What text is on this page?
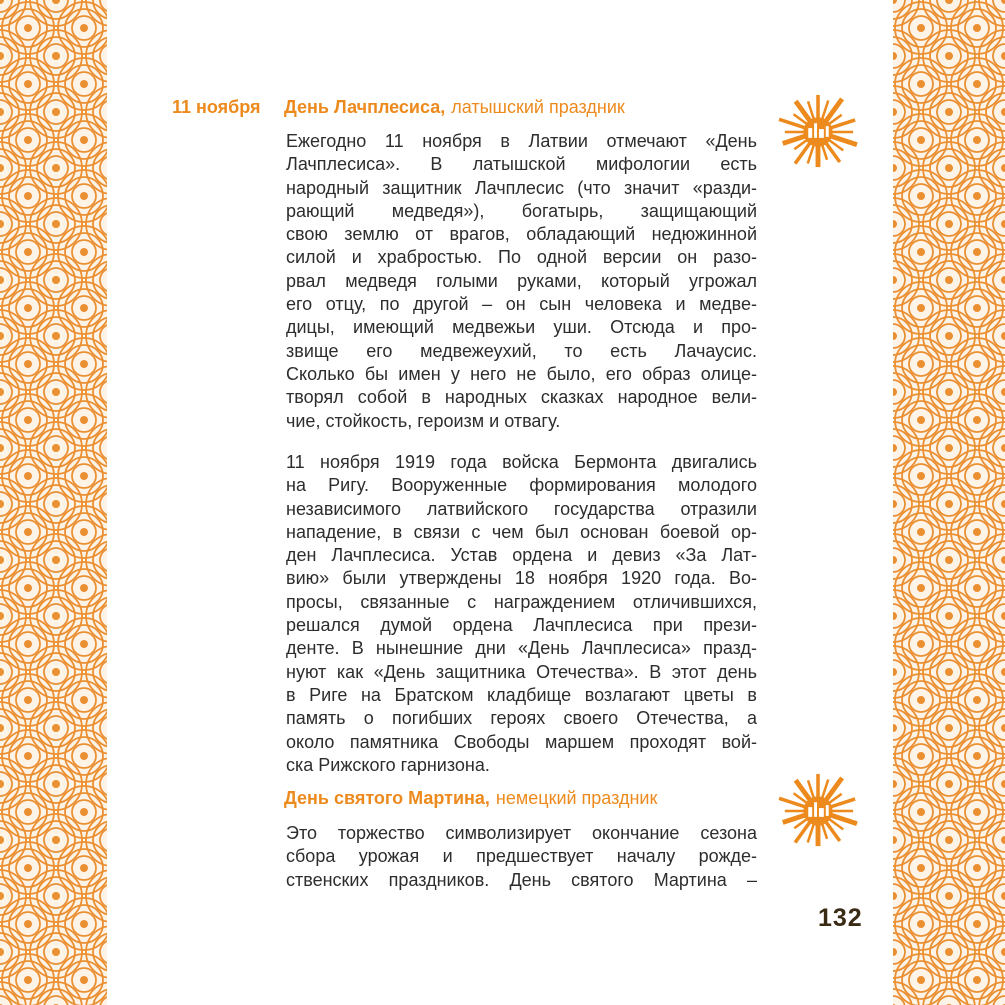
11 ноября День Лачплесиса, латышский праздник
Ежегодно 11 ноября в Латвии отмечают «День
Лачплесиса». В латышской мифологии есть
народный защитник Лачплесис (что значит «разди-
рающий медведя»), богатырь, защищающий
свою землю от врагов, обладающий недюжинной
силой и храбростью. По одной версии он разо-
рвал медведя голыми руками, который угрожал
его отцу, по другой – он сын человека и медве-
дицы, имеющий медвежьи уши. Отсюда и про-
звище его медвежеухий, то есть Лачаусис.
Сколько бы имен у него не было, его образ олице-
творял собой в народных сказках народное вели-
чие, стойкость, героизм и отвагу.
11 ноября 1919 года войска Бермонта двигались
на Ригу. Вооруженные формирования молодого
независимого латвийского государства отразили
нападение, в связи с чем был основан боевой ор-
ден Лачплесиса. Устав ордена и девиз «За Лат-
вию» были утверждены 18 ноября 1920 года. Во-
просы, связанные с награждением отличившихся,
решался думой ордена Лачплесиса при прези-
денте. В нынешние дни «День Лачплесиса» празд-
нуют как «День защитника Отечества». В этот день
в Риге на Братском кладбище возлагают цветы в
память о погибших героях своего Отечества, а
около памятника Свободы маршем проходят вой-
ска Рижского гарнизона.
День святого Мартина, немецкий праздник
Это торжество символизирует окончание сезона
сбора урожая и предшествует началу рожде-
ственских праздников. День святого Мартина –
132
